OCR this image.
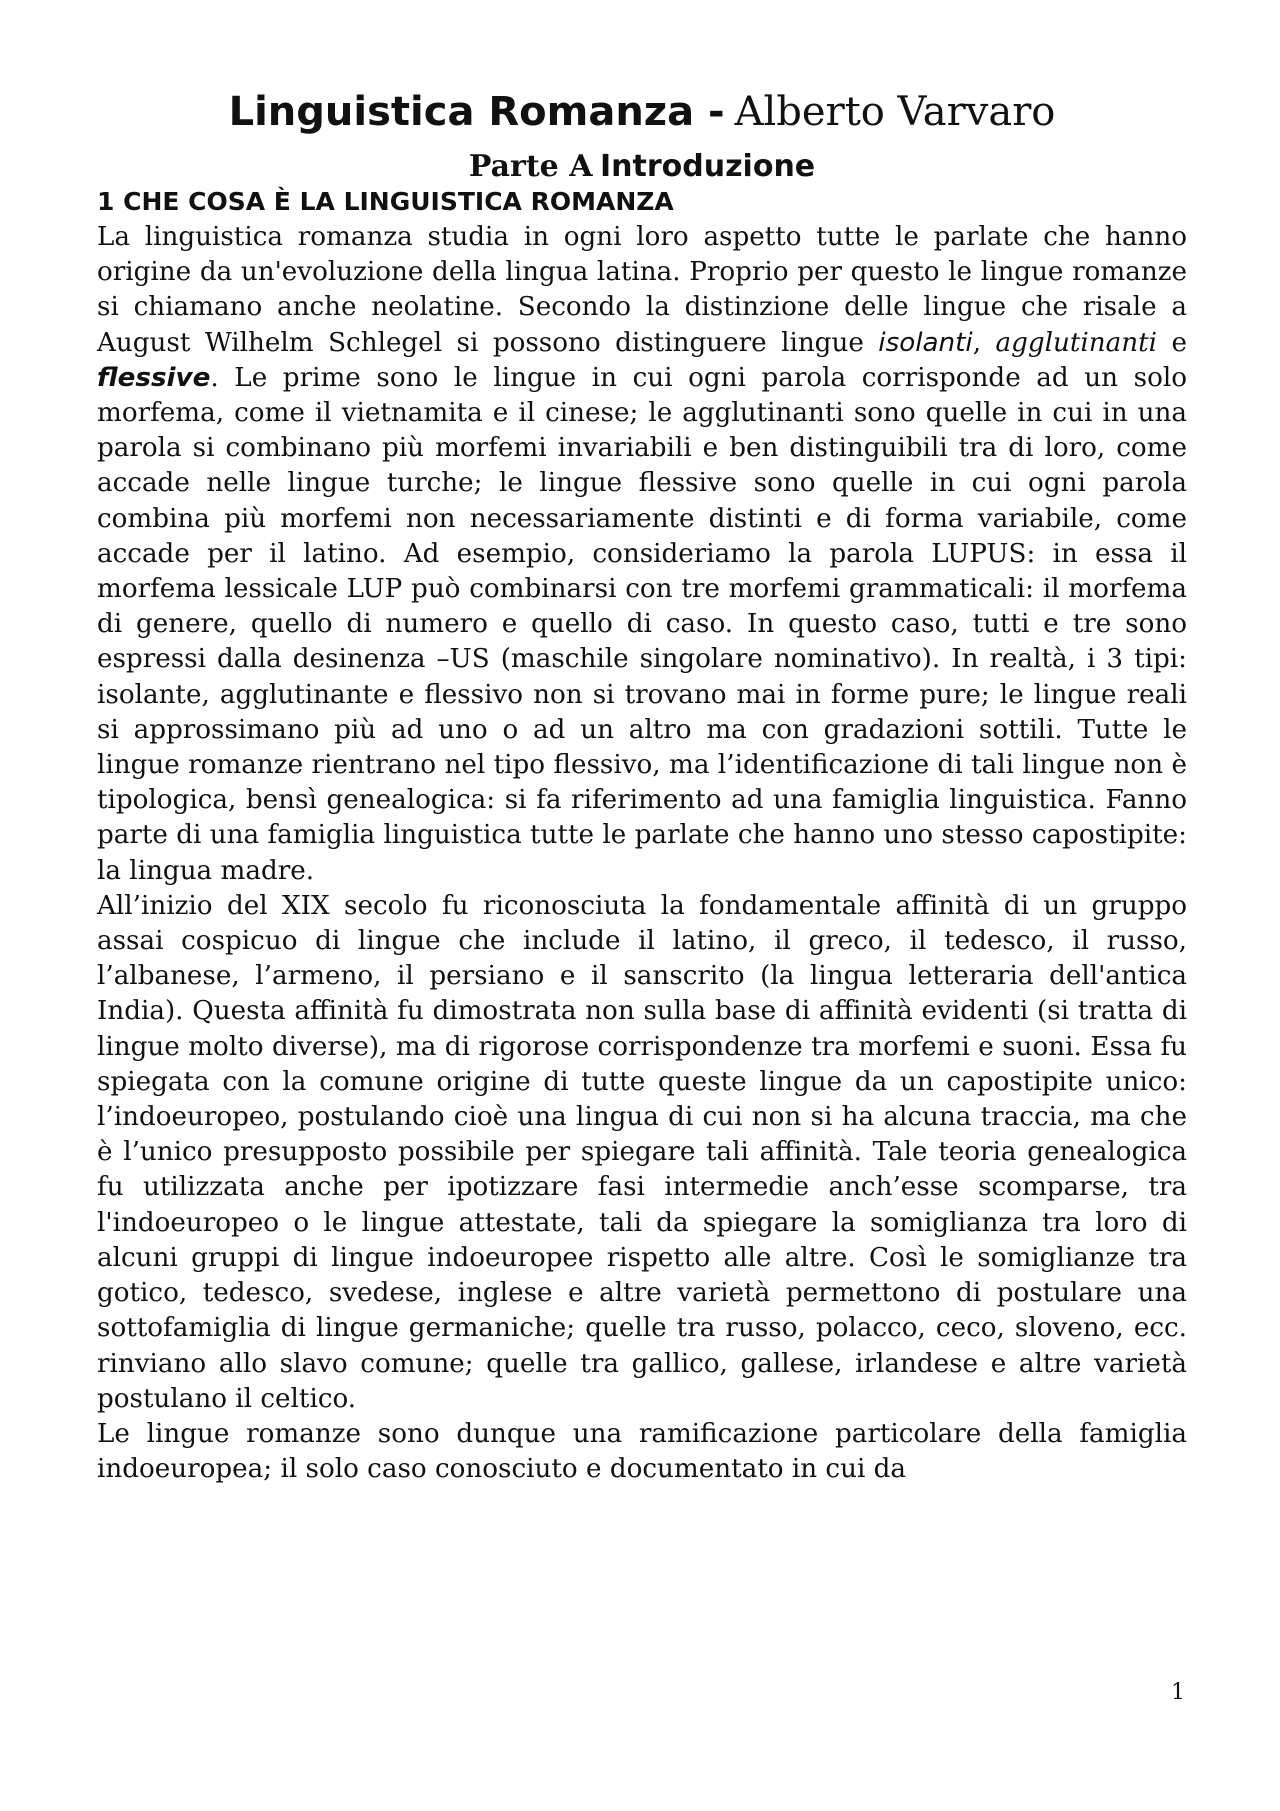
Linguistica Romanza - Alberto Varvaro
Parte A Introduzione
1 CHE COSA È LA LINGUISTICA ROMANZA

La linguistica romanza studia in ogni loro aspetto tutte le parlate che hanno origine da un'evoluzione della lingua latina. Proprio per questo le lingue romanze si chiamano anche neolatine. Secondo la distinzione delle lingue che risale a August Wilhelm Schlegel si possono distinguere lingue isolanti, agglutinanti e flessive. Le prime sono le lingue in cui ogni parola corrisponde ad un solo morfema, come il vietnamita e il cinese; le agglutinanti sono quelle in cui in una parola si combinano più morfemi invariabili e ben distinguibili tra di loro, come accade nelle lingue turche; le lingue flessive sono quelle in cui ogni parola combina più morfemi non necessariamente distinti e di forma variabile, come accade per il latino. Ad esempio, consideriamo la parola LUPUS: in essa il morfema lessicale LUP può combinarsi con tre morfemi grammaticali: il morfema di genere, quello di numero e quello di caso. In questo caso, tutti e tre sono espressi dalla desinenza –US (maschile singolare nominativo). In realtà, i 3 tipi: isolante, agglutinante e flessivo non si trovano mai in forme pure; le lingue reali si approssimano più ad uno o ad un altro ma con gradazioni sottili. Tutte le lingue romanze rientrano nel tipo flessivo, ma l’identificazione di tali lingue non è tipologica, bensì genealogica: si fa riferimento ad una famiglia linguistica. Fanno parte di una famiglia linguistica tutte le parlate che hanno uno stesso capostipite: la lingua madre.

All’inizio del XIX secolo fu riconosciuta la fondamentale affinità di un gruppo assai cospicuo di lingue che include il latino, il greco, il tedesco, il russo, l’albanese, l’armeno, il persiano e il sanscrito (la lingua letteraria dell'antica India). Questa affinità fu dimostrata non sulla base di affinità evidenti (si tratta di lingue molto diverse), ma di rigorose corrispondenze tra morfemi e suoni. Essa fu spiegata con la comune origine di tutte queste lingue da un capostipite unico: l’indoeuropeo, postulando cioè una lingua di cui non si ha alcuna traccia, ma che è l’unico presupposto possibile per spiegare tali affinità. Tale teoria genealogica fu utilizzata anche per ipotizzare fasi intermedie anch’esse scomparse, tra l'indoeuropeo o le lingue attestate, tali da spiegare la somiglianza tra loro di alcuni gruppi di lingue indoeuropee rispetto alle altre. Così le somiglianze tra gotico, tedesco, svedese, inglese e altre varietà permettono di postulare una sottofamiglia di lingue germaniche; quelle tra russo, polacco, ceco, sloveno, ecc. rinviano allo slavo comune; quelle tra gallico, gallese, irlandese e altre varietà postulano il celtico.

Le lingue romanze sono dunque una ramificazione particolare della famiglia indoeuropea; il solo caso conosciuto e documentato in cui da

1
